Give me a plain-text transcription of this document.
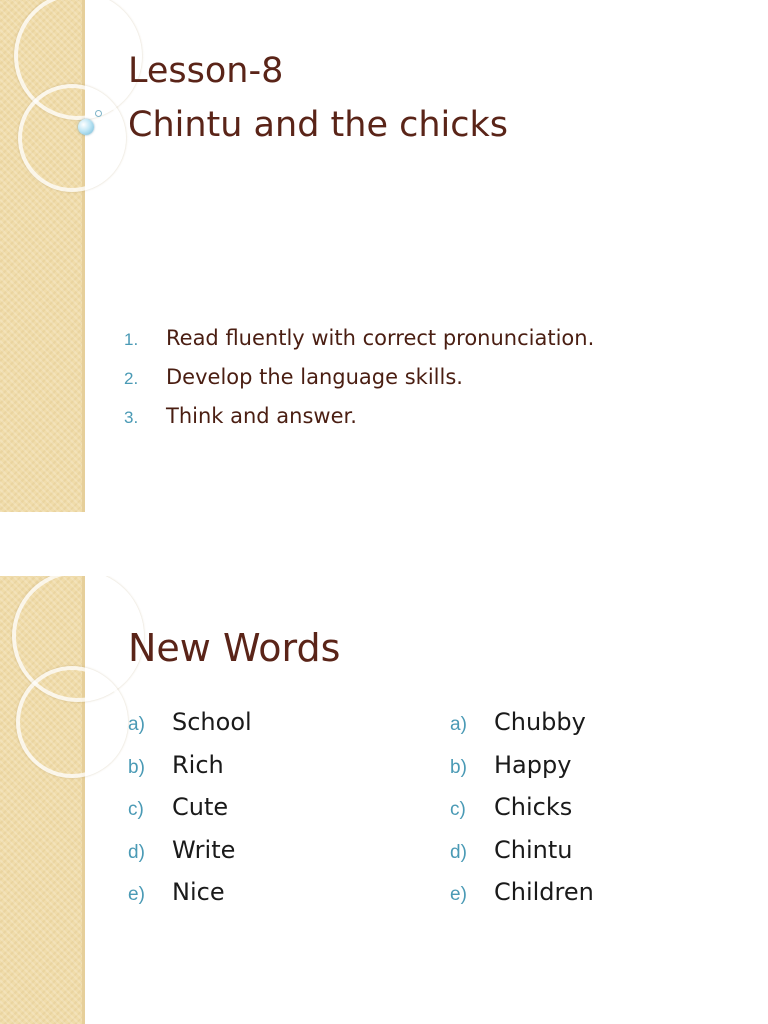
Lesson-8
Chintu and the chicks
1.	Read fluently with correct pronunciation.
2.	Develop the language skills.
3.	Think and answer.
New Words
a)	School
b)	Rich
c)	Cute
d)	Write
e)	Nice
a)	Chubby
b)	Happy
c)	Chicks
d)	Chintu
e)	Children
